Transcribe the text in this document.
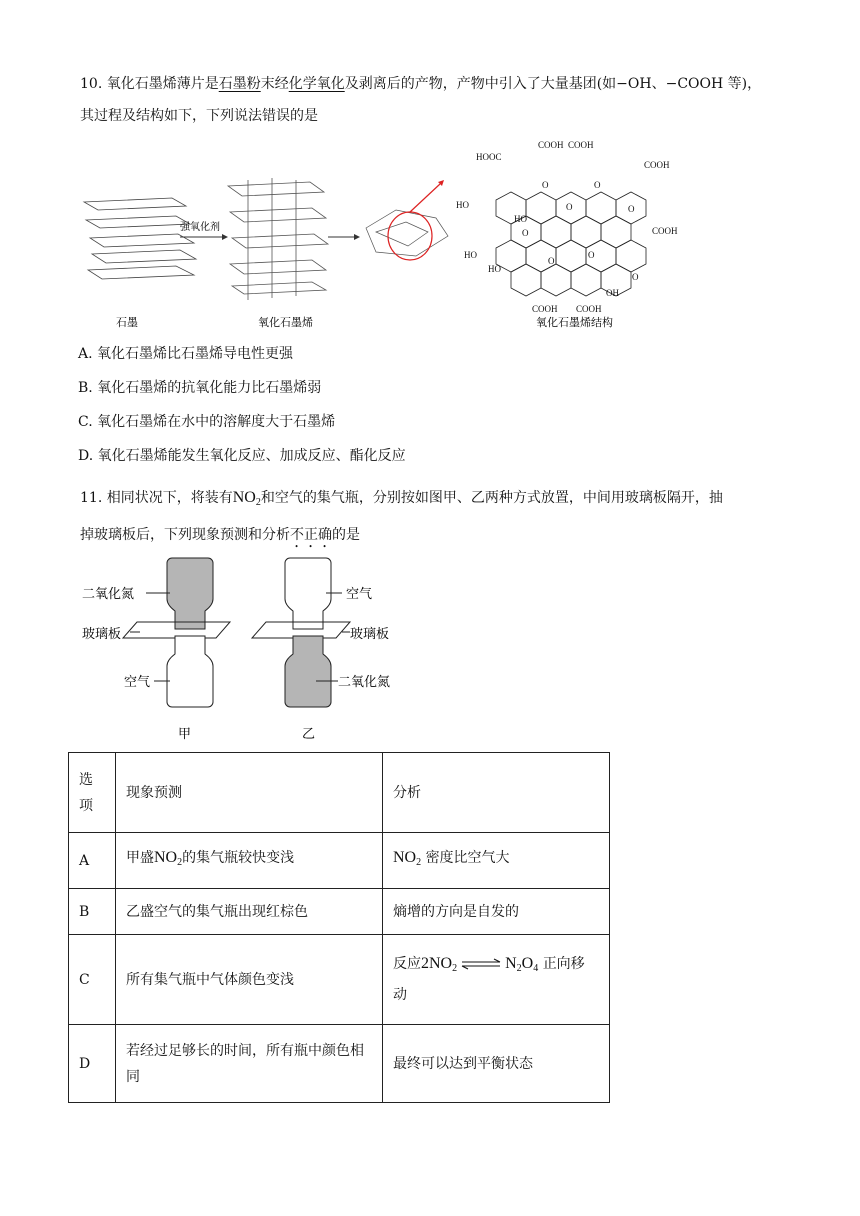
10. 氧化石墨烯薄片是石墨粉末经化学氧化及剥离后的产物，产物中引入了大量基团(如−OH、−COOH 等)，
其过程及结构如下，下列说法错误的是
石墨
强氧化剂
氧化石墨烯
HOOC
COOH COOH
COOH
HO
HO
HO
COOH
HO
OH
COOH COOH
O	O
O
O
O
O
O
O
氧化石墨烯结构
A. 氧化石墨烯比石墨烯导电性更强
B. 氧化石墨烯的抗氧化能力比石墨烯弱
C. 氧化石墨烯在水中的溶解度大于石墨烯
D. 氧化石墨烯能发生氧化反应、加成反应、酯化反应
11. 相同状况下，将装有$NO_2$和空气的集气瓶，分别按如图甲、乙两种方式放置，中间用玻璃板隔开，抽
掉玻璃板后，下列现象预测和分析不正确的是
二氧化氮
玻璃板
空气
甲
空气
玻璃板
二氧化氮
乙
选项	现象预测	分析
A	甲盛$NO_2$的集气瓶较快变浅	$NO_2$ 密度比空气大
B	乙盛空气的集气瓶出现红棕色	熵增的方向是自发的
C	所有集气瓶中气体颜色变浅	反应$2NO_2$ ⇌ $N_2O_4$ 正向移
动
D	若经过足够长的时间，所有瓶中颜色相同	最终可以达到平衡状态
